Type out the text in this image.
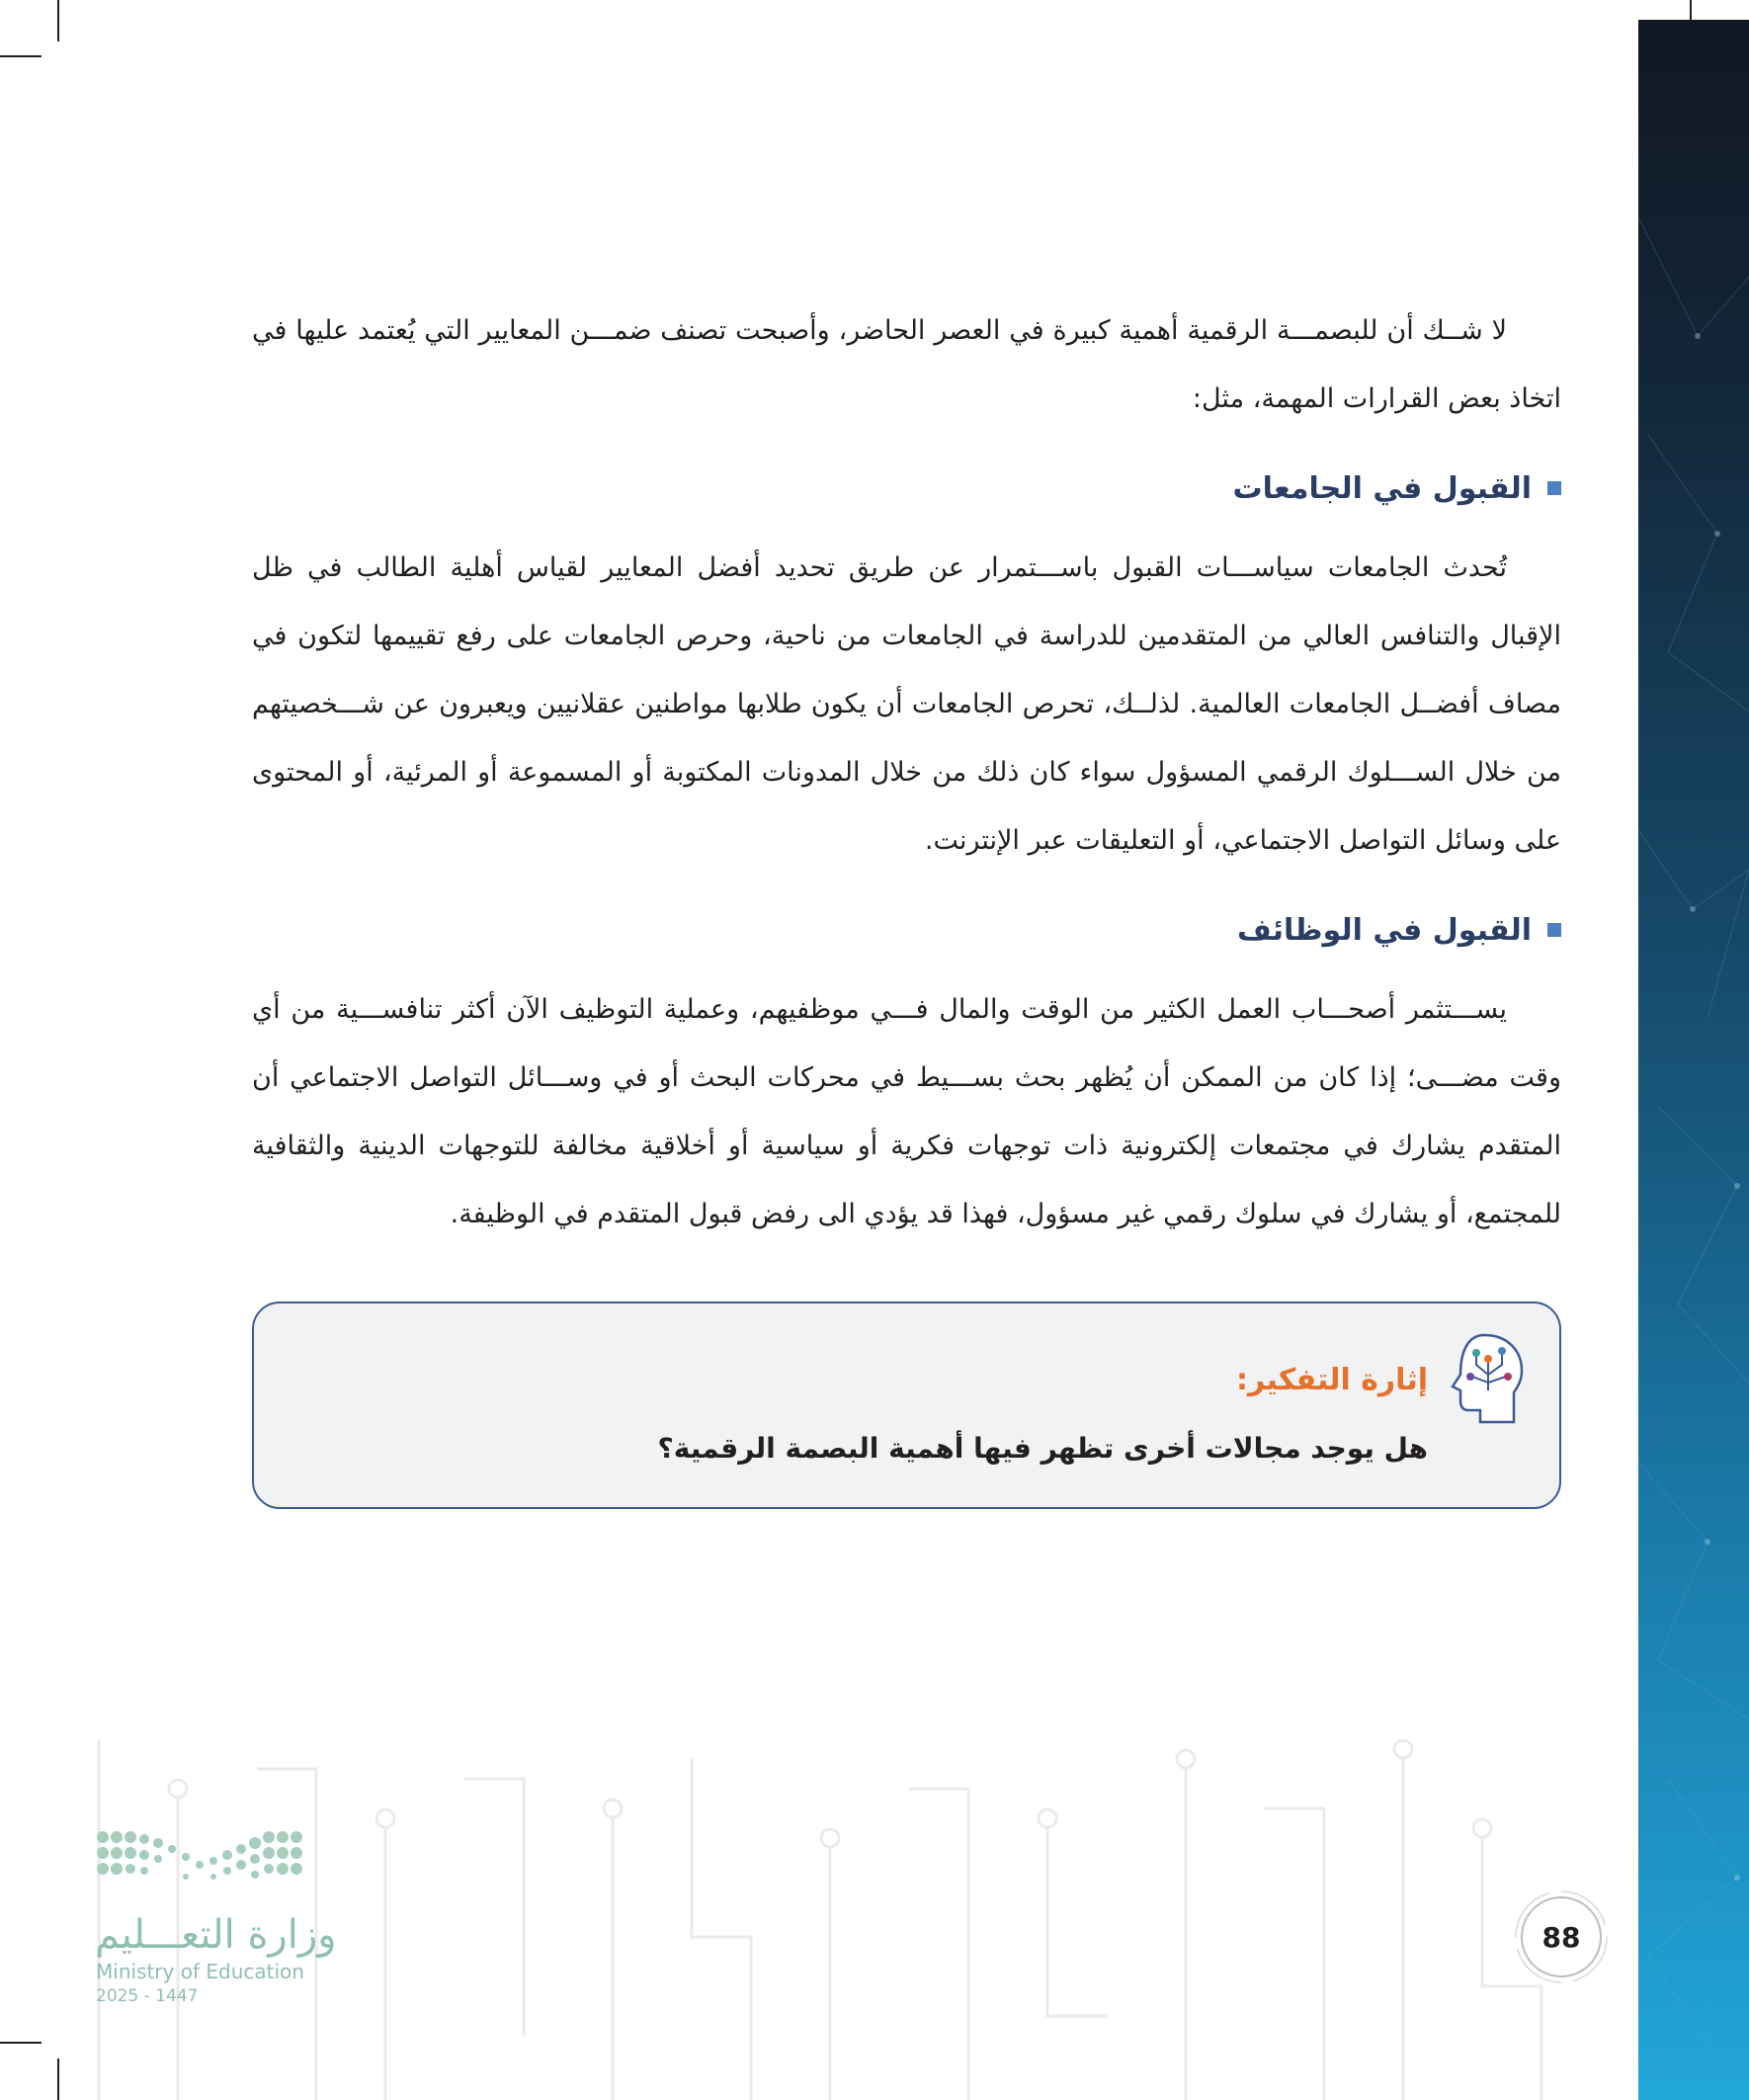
لا شــك أن للبصمـــة الرقمية أهمية كبيرة في العصر الحاضر، وأصبحت تصنف ضمـــن المعايير التي يُعتمد عليها في اتخاذ بعض القرارات المهمة، مثل:

القبول في الجامعات

تُحدث الجامعات سياســـات القبول باســـتمرار عن طريق تحديد أفضل المعايير لقياس أهلية الطالب في ظل الإقبال والتنافس العالي من المتقدمين للدراسة في الجامعات من ناحية، وحرص الجامعات على رفع تقييمها لتكون في مصاف أفضــل الجامعات العالمية. لذلــك، تحرص الجامعات أن يكون طلابها مواطنين عقلانيين ويعبرون عن شـــخصيتهم من خلال الســـلوك الرقمي المسؤول سواء كان ذلك من خلال المدونات المكتوبة أو المسموعة أو المرئية، أو المحتوى على وسائل التواصل الاجتماعي، أو التعليقات عبر الإنترنت.

القبول في الوظائف

يســـتثمر أصحـــاب العمل الكثير من الوقت والمال فـــي موظفيهم، وعملية التوظيف الآن أكثر تنافســـية من أي وقت مضـــى؛ إذا كان من الممكن أن يُظهر بحث بســـيط في محركات البحث أو في وســـائل التواصل الاجتماعي أن المتقدم يشارك في مجتمعات إلكترونية ذات توجهات فكرية أو سياسية أو أخلاقية مخالفة للتوجهات الدينية والثقافية للمجتمع، أو يشارك في سلوك رقمي غير مسؤول، فهذا قد يؤدي الى رفض قبول المتقدم في الوظيفة.

إثارة التفكير:
هل يوجد مجالات أخرى تظهر فيها أهمية البصمة الرقمية؟
88
وزارة التعـــليم
Ministry of Education
2025 - 1447
